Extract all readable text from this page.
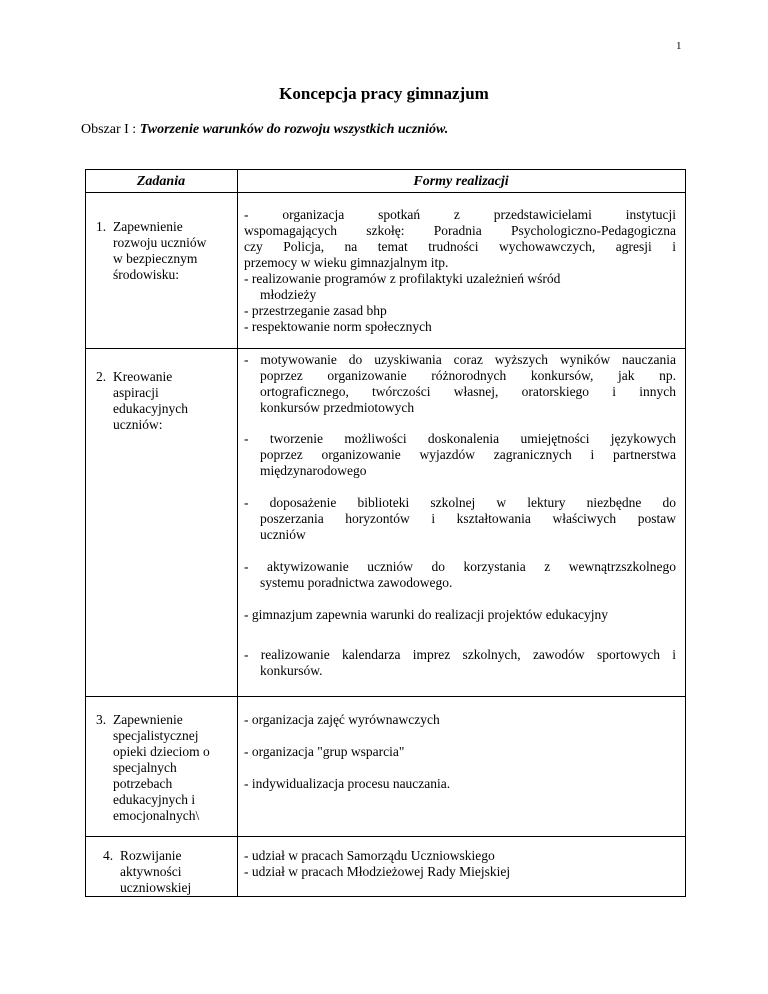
1
Koncepcja pracy gimnazjum
Obszar I : Tworzenie warunków do rozwoju wszystkich uczniów.
Zadania	Formy realizacji
1. Zapewnienie
rozwoju uczniów
w bezpiecznym
środowisku:
- organizacja spotkań z przedstawicielami instytucji
wspomagających szkołę: Poradnia Psychologiczno-Pedagogiczna
czy Policja, na temat trudności wychowawczych, agresji i
przemocy w wieku gimnazjalnym itp.
- realizowanie programów z profilaktyki uzależnień wśród
młodzieży
- przestrzeganie zasad bhp
- respektowanie norm społecznych
2. Kreowanie
aspiracji
edukacyjnych
uczniów:
- motywowanie do uzyskiwania coraz wyższych wyników nauczania
poprzez organizowanie różnorodnych konkursów, jak np.
ortograficznego, twórczości własnej, oratorskiego i innych
konkursów przedmiotowych
- tworzenie możliwości doskonalenia umiejętności językowych
poprzez organizowanie wyjazdów zagranicznych i partnerstwa
międzynarodowego
- doposażenie biblioteki szkolnej w lektury niezbędne do
poszerzania horyzontów i kształtowania właściwych postaw
uczniów
- aktywizowanie uczniów do korzystania z wewnątrzszkolnego
systemu poradnictwa zawodowego.
- gimnazjum zapewnia warunki do realizacji projektów edukacyjny
- realizowanie kalendarza imprez szkolnych, zawodów sportowych i
konkursów.
3. Zapewnienie
specjalistycznej
opieki dzieciom o
specjalnych
potrzebach
edukacyjnych i
emocjonalnych\
- organizacja zajęć wyrównawczych
- organizacja "grup wsparcia"
- indywidualizacja procesu nauczania.
4. Rozwijanie
aktywności
uczniowskiej
- udział w pracach Samorządu Uczniowskiego
- udział w pracach Młodzieżowej Rady Miejskiej
